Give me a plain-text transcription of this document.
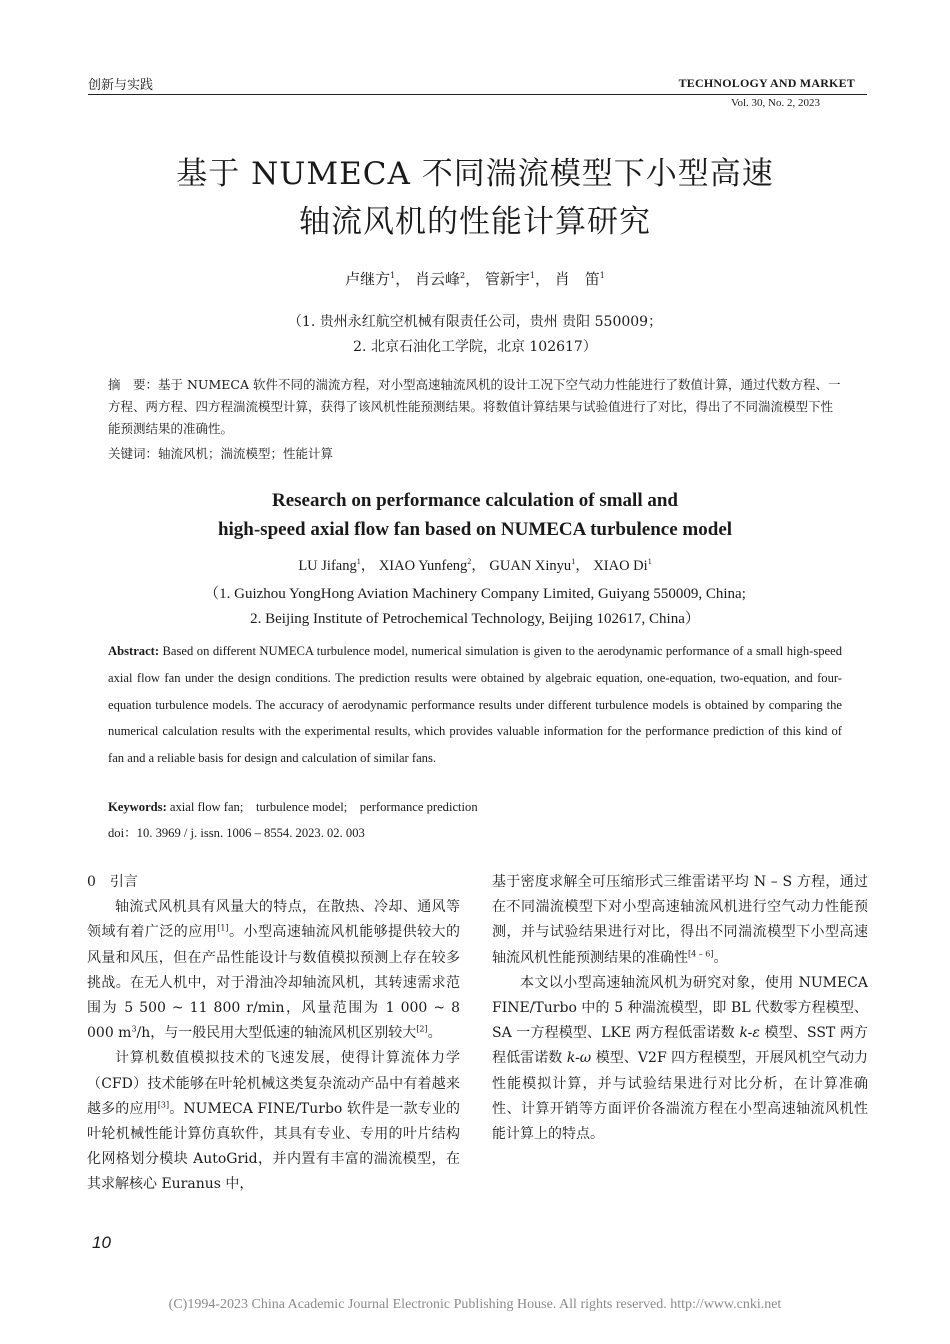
创新与实践	TECHNOLOGY AND MARKET
Vol. 30, No. 2, 2023
基于 NUMECA 不同湍流模型下小型高速
轴流风机的性能计算研究
卢继方$^1$， 肖云峰$^2$， 管新宇$^1$， 肖　笛$^1$
（1. 贵州永红航空机械有限责任公司，贵州 贵阳 550009；
2. 北京石油化工学院，北京 102617）
摘　要：基于 NUMECA 软件不同的湍流方程，对小型高速轴流风机的设计工况下空气动力性能进行了数值计算，通过代数方程、一方程、两方程、四方程湍流模型计算，获得了该风机性能预测结果。将数值计算结果与试验值进行了对比，得出了不同湍流模型下性能预测结果的准确性。
关键词：轴流风机；湍流模型；性能计算
Research on performance calculation of small and
high-speed axial flow fan based on NUMECA turbulence model
LU Jifang$^1$， XIAO Yunfeng$^2$， GUAN Xinyu$^1$， XIAO Di$^1$
（1. Guizhou YongHong Aviation Machinery Company Limited, Guiyang 550009, China;
2. Beijing Institute of Petrochemical Technology, Beijing 102617, China）
Abstract: Based on different NUMECA turbulence model, numerical simulation is given to the aerodynamic performance of a small high-speed axial flow fan under the design conditions. The prediction results were obtained by algebraic equation, one-equation, two-equation, and four-equation turbulence models. The accuracy of aerodynamic performance results under different turbulence models is obtained by comparing the numerical calculation results with the experimental results, which provides valuable information for the performance prediction of this kind of fan and a reliable basis for design and calculation of similar fans.
Keywords: axial flow fan;　turbulence model;　performance prediction
doi：10. 3969 / j. issn. 1006 – 8554. 2023. 02. 003
0　引言

轴流式风机具有风量大的特点，在散热、冷却、通风等领域有着广泛的应用[1]。小型高速轴流风机能够提供较大的风量和风压，但在产品性能设计与数值模拟预测上存在较多挑战。在无人机中，对于滑油冷却轴流风机，其转速需求范围为 5 500 ~ 11 800 r/min，风量范围为 1 000 ~ 8 000 $m^3/h$，与一般民用大型低速的轴流风机区别较大[2]。

计算机数值模拟技术的飞速发展，使得计算流体力学（CFD）技术能够在叶轮机械这类复杂流动产品中有着越来越多的应用[3]。NUMECA FINE/Turbo 软件是一款专业的叶轮机械性能计算仿真软件，其具有专业、专用的叶片结构化网格划分模块 AutoGrid，并内置有丰富的湍流模型，在其求解核心 Euranus 中，

基于密度求解全可压缩形式三维雷诺平均 N – S 方程，通过在不同湍流模型下对小型高速轴流风机进行空气动力性能预测，并与试验结果进行对比，得出不同湍流模型下小型高速轴流风机性能预测结果的准确性[4 – 6]。

本文以小型高速轴流风机为研究对象，使用 NUMECA FINE/Turbo 中的 5 种湍流模型，即 BL 代数零方程模型、SA 一方程模型、LKE 两方程低雷诺数 k-ε 模型、SST 两方程低雷诺数 k-ω 模型、V2F 四方程模型，开展风机空气动力性能模拟计算，并与试验结果进行对比分析，在计算准确性、计算开销等方面评价各湍流方程在小型高速轴流风机性能计算上的特点。

10
(C)1994-2023 China Academic Journal Electronic Publishing House. All rights reserved. http://www.cnki.net
